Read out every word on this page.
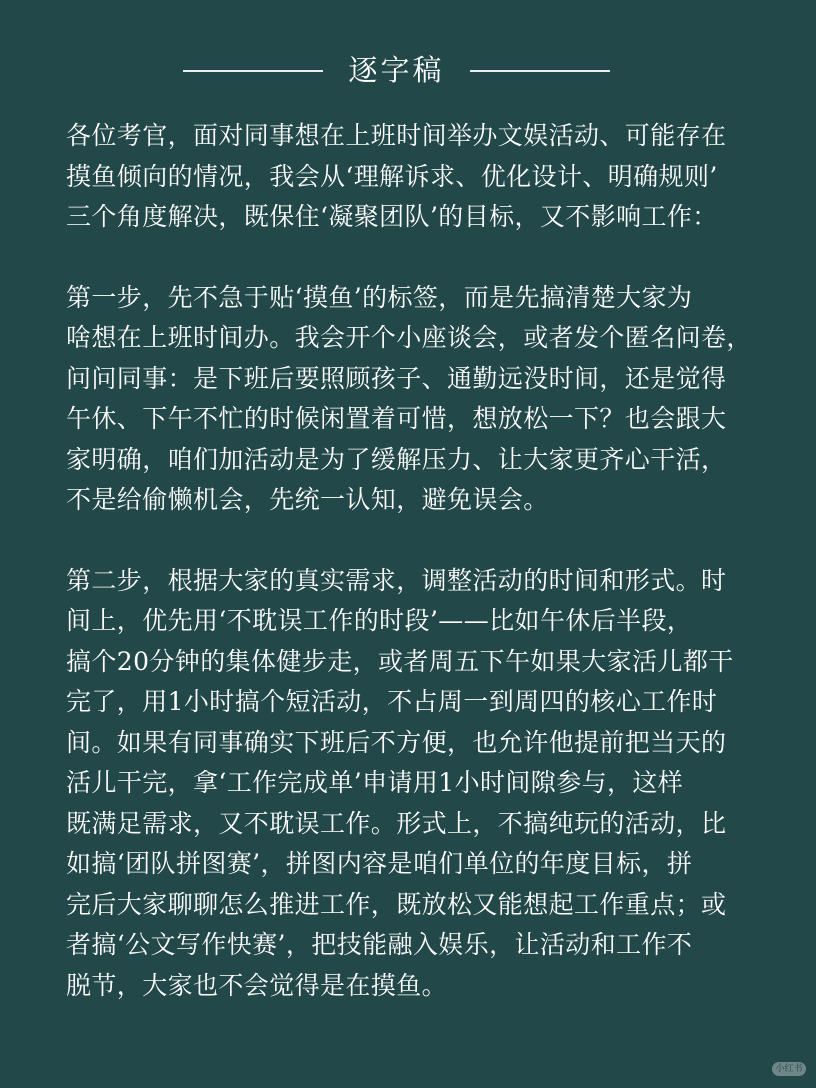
逐字稿

各位考官，面对同事想在上班时间举办文娱活动、可能存在
摸鱼倾向的情况，我会从‘理解诉求、优化设计、明确规则’
三个角度解决，既保住‘凝聚团队’的目标，又不影响工作：

第一步，先不急于贴‘摸鱼’的标签，而是先搞清楚大家为
啥想在上班时间办。我会开个小座谈会，或者发个匿名问卷，
问问同事：是下班后要照顾孩子、通勤远没时间，还是觉得
午休、下午不忙的时候闲置着可惜，想放松一下？也会跟大
家明确，咱们加活动是为了缓解压力、让大家更齐心干活，
不是给偷懒机会，先统一认知，避免误会。

第二步，根据大家的真实需求，调整活动的时间和形式。时
间上，优先用‘不耽误工作的时段’——比如午休后半段，
搞个20分钟的集体健步走，或者周五下午如果大家活儿都干
完了，用1小时搞个短活动，不占周一到周四的核心工作时
间。如果有同事确实下班后不方便，也允许他提前把当天的
活儿干完，拿‘工作完成单’申请用1小时间隙参与，这样
既满足需求，又不耽误工作。形式上，不搞纯玩的活动，比
如搞‘团队拼图赛’，拼图内容是咱们单位的年度目标，拼
完后大家聊聊怎么推进工作，既放松又能想起工作重点；或
者搞‘公文写作快赛’，把技能融入娱乐，让活动和工作不
脱节，大家也不会觉得是在摸鱼。

小红书
